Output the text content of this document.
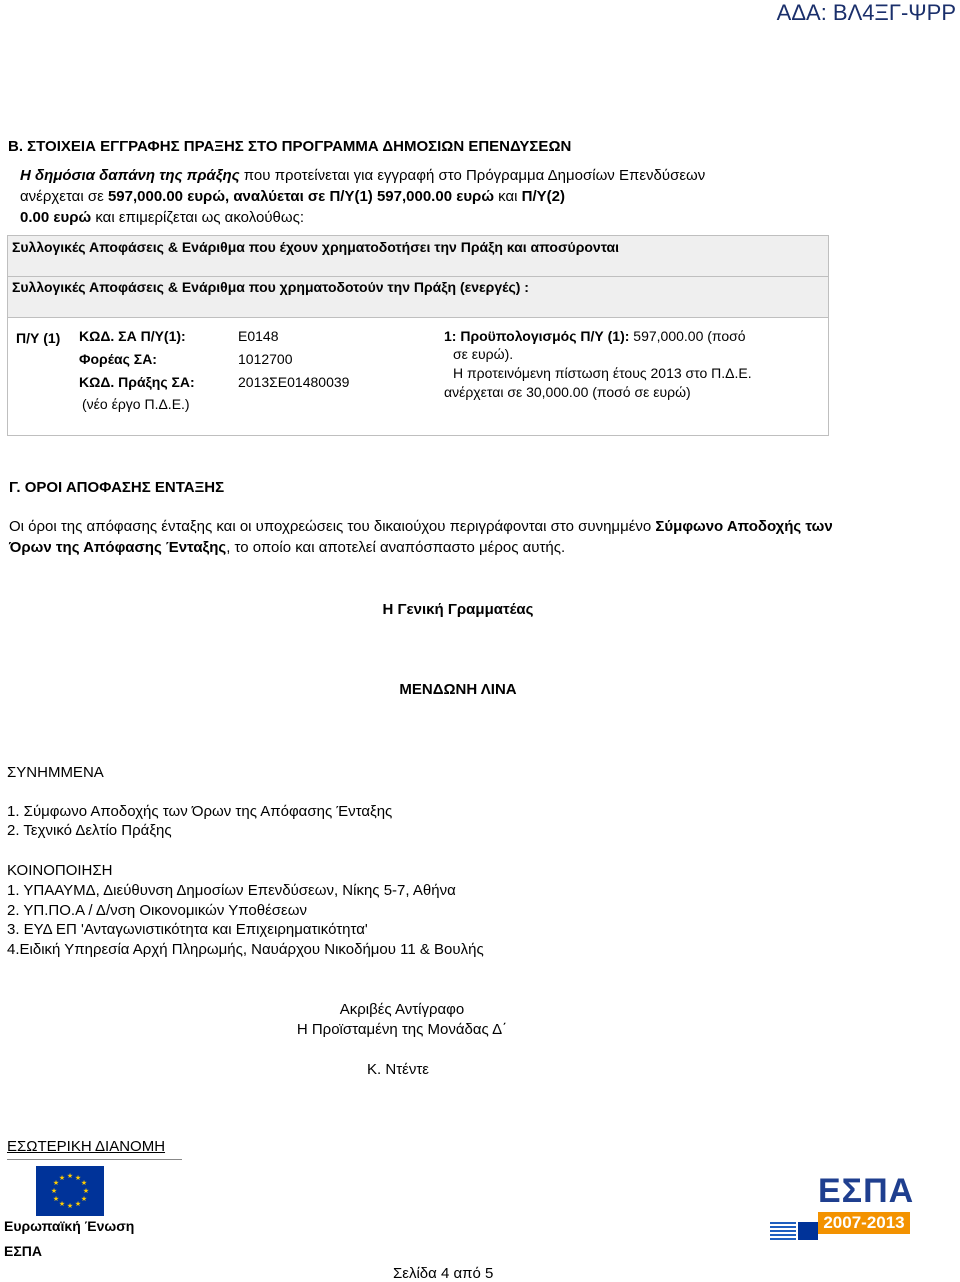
ΑΔΑ: ΒΛ4ΞΓ-ΨΡΡ
Β. ΣΤΟΙΧΕΙΑ ΕΓΓΡΑΦΗΣ ΠΡΑΞΗΣ ΣΤΟ ΠΡΟΓΡΑΜΜΑ ΔΗΜΟΣΙΩΝ ΕΠΕΝΔΥΣΕΩΝ
Η δημόσια δαπάνη της πράξης που προτείνεται για εγγραφή στο Πρόγραμμα Δημοσίων Επενδύσεων
ανέρχεται σε 597,000.00 ευρώ, αναλύεται σε Π/Υ(1) 597,000.00 ευρώ και Π/Υ(2)
0.00 ευρώ και επιμερίζεται ως ακολούθως:
Συλλογικές Αποφάσεις & Ενάριθμα που έχουν χρηματοδοτήσει την Πράξη και αποσύρονται
Συλλογικές Αποφάσεις & Ενάριθμα που χρηματοδοτούν την Πράξη (ενεργές) :
Π/Υ (1) ΚΩΔ. ΣΑ Π/Υ(1):	Ε0148
Φορέας ΣΑ:	1012700
ΚΩΔ. Πράξης ΣΑ:	2013ΣΕ01480039
(νέο έργο Π.Δ.Ε.)
1: Προϋπολογισμός Π/Υ (1): 597,000.00 (ποσό
σε ευρώ).
Η προτεινόμενη πίστωση έτους 2013 στο Π.Δ.Ε.
ανέρχεται σε 30,000.00 (ποσό σε ευρώ)
Γ. ΟΡΟΙ ΑΠΟΦΑΣΗΣ ΕΝΤΑΞΗΣ
Οι όροι της απόφασης ένταξης και οι υποχρεώσεις του δικαιούχου περιγράφονται στο συνημμένο Σύμφωνο Αποδοχής των
Όρων της Απόφασης Ένταξης, το οποίο και αποτελεί αναπόσπαστο μέρος αυτής.
Η Γενική Γραμματέας
ΜΕΝΔΩΝΗ ΛΙΝΑ
ΣΥΝΗΜΜΕΝΑ
1. Σύμφωνο Αποδοχής των Όρων της Απόφασης Ένταξης
2. Τεχνικό Δελτίο Πράξης
ΚΟΙΝΟΠΟΙΗΣΗ
1. ΥΠΑΑΥΜΔ, Διεύθυνση Δημοσίων Επενδύσεων, Νίκης 5-7, Αθήνα
2. ΥΠ.ΠΟ.Α / Δ/νση Οικονομικών Υποθέσεων
3. ΕΥΔ ΕΠ 'Ανταγωνιστικότητα και Επιχειρηματικότητα'
4.Ειδική Υπηρεσία Αρχή Πληρωμής, Ναυάρχου Νικοδήμου 11 & Βουλής
Ακριβές Αντίγραφο
Η Προϊσταμένη της Μονάδας Δ΄
Κ. Ντέντε
ΕΣΩΤΕΡΙΚΗ ΔΙΑΝΟΜΗ
★ ★
★
★
★
★
★
★
★
★
★
★
Ευρωπαϊκή Ένωση
ΕΣΠΑ
ΕΣΠΑ
2007-2013
Σελίδα 4 από 5
